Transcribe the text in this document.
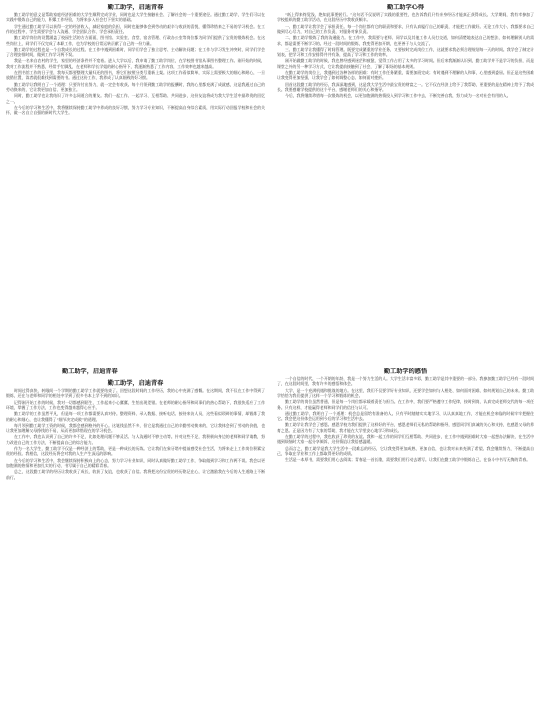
勤工助学，启迪青春

勤工助学的意义是帮助家庭经济困难的大学生顺利完成学业，同时也是大学生接触社会、了解社会的一个重要途径。通过勤工助学，学生们可以在实践中锻炼自己的能力，积累工作经验，为将来步入社会打下坚实的基础。

学生通过勤工助学可以获得一定的经济收入，减轻家庭的负担，同时也能够体会到劳动的艰辛与收获的喜悦，懂得珍惜来之不易的学习机会。在工作的过程中，学生需要学会与人沟通、学会团队合作、学会承担责任。

勤工助学岗位的设置涵盖了校园生活的方方面面，图书馆、实验室、食堂、宿舍管理、行政办公室等岗位都为同学们提供了宝贵的锻炼机会。在这些岗位上，同学们不仅完成了本职工作，也为学校的日常运转贡献了自己的一份力量。

勤工助学的过程也是一个自我成长的过程。在工作中遇到困难时，同学们学会了独立思考、主动解决问题；在工作与学习发生冲突时，同学们学会了合理安排时间，做到工作学习两不误。

我是一名来自农村的学生，家里的经济条件并不宽裕。进入大学以后，我申请了勤工助学岗位，在学校图书馆从事图书整理工作。刚开始的时候，我对工作流程并不熟悉，经常手忙脚乱，在老师和学长学姐的耐心指导下，我逐渐熟悉了工作内容，工作效率也越来越高。

在图书馆工作的日子里，我每天都要整理大量归还的图书，将它们按照分类号重新上架。这项工作看似简单，实际上需要极大的细心和耐心，一旦放错位置，读者就很难找到需要的书。通过这份工作，我养成了认真细致的好习惯。

勤工助学让我明白了一个道理：只要肯付出努力，就一定会有收获。每个月领到勤工助学的报酬时，我的心里都充满了成就感，这是我通过自己的劳动换来的，它让我更加自信、更加独立。

同时，勤工助学也让我结识了许多志同道合的朋友。我们一起工作、一起学习、互相帮助、共同进步，这份友谊将成为我大学生活中最珍贵的回忆之一。

在今后的学习和生活中，我将继续保持勤工助学中养成的良好习惯，努力学习专业知识，不断提高自身综合素质，用实际行动回报学校和社会的关怀，做一名自立自强的新时代大学生。

勤工助学心得

“纸上得来终觉浅，绝知此事要躬行。”这句话不仅说明了实践的重要性，也告诉我们只有亲身经历才能真正获得成长。大学期间，我有幸参加了学校组织的勤工助学活动，在这段经历中我收获颇丰。

一、勤工助学让我学会了承担责任。每一个岗位都有它的职责和要求，只有认真履行自己的职责，才能把工作做好。无论工作大小，我都要求自己做到尽心尽力，对自己的工作负责，对服务对象负责。

二、勤工助学锻炼了我的沟通能力。在工作中，我需要与老师、同学以及其他工作人员打交道，如何清楚地表达自己的想法、如何理解别人的需求，都是需要不断学习的。经过一段时间的锻炼，我变得更加开朗，也更善于与人交流了。

三、勤工助学让我懂得了时间管理。既要完成繁重的学业任务，又要按时完成岗位工作，这就要求我必须合理规划每一天的时间。我学会了制定计划表，把学习和工作安排得井井有条，提高了学习和工作的效率。

刚开始做勤工助学的时候，我也曾经感到迷茫和疲惫，觉得工作占用了太多的学习时间。但后来我渐渐认识到，勤工助学并不是学习的负担，而是课堂之外的另一种学习方式，它让我提前接触到了社会，了解了职场的基本规则。

在勤工助学的岗位上，我遇到过各种各样的困难：有时工作任务繁重，需要加班完成；有时遇到不理解的人和事，心里感到委屈。但正是这些困难让我变得更加坚强，让我学会了如何调整心态、如何面对挫折。

回首这段勤工助学的经历，我深深地感到，这是我大学生活中最宝贵的财富之一。它不仅在经济上给予了我帮助，更重要的是在精神上给予了我成长。我要感谢学校提供的这个平台，感谢老师们的关心和指导。

今后，我将继续珍惜每一次锻炼的机会，以更加饱满的热情投入到学习和工作中去，不断完善自我，努力成为一名对社会有用的人。

勤工助学，启迪青春
勤工助学，启迪青春

时间过得真快，转眼间一个学期的勤工助学工作就要结束了。回想这段时间的工作经历，我的心中充满了感慨。在这期间，我不仅在工作中得到了锻炼，还在与老师和同学的相处中学到了很多书本上学不到的知识。

记得刚开始工作的时候，我对一切都感到陌生，工作起来小心翼翼，生怕出现差错。在老师的耐心指导和同事们的热心帮助下，我很快适应了工作环境，掌握了工作方法，工作也变得越来越得心应手。

勤工助学的工作虽然平凡，但是每一项工作都需要认真对待。整理资料、录入数据、接听电话、接待来访人员，这些看似琐碎的事情，却锻炼了我的耐心和细心，也让我懂得了“细节决定成败”的道理。

每月领到勤工助学工资的时候，我都会感到格外的开心。这笔钱虽然不多，但它是我通过自己的辛勤劳动换来的，它让我体会到了劳动的价值，也让我更加理解父母挣钱的不易，从而更加珍惜现在的学习机会。

在工作中，我也认识到了自己的许多不足，比如处理问题不够灵活、与人沟通时不够主动等。针对这些不足，我积极向身边的老师和同学请教，努力改进自己的工作方法，不断提高自己的综合能力。

作为一名大学生，勤工助学不仅是一种经济上的帮助，更是一种成长的历练。它让我们在象牙塔中提前感受社会生活，为将来走上工作岗位积累宝贵的经验。我相信，这段经历将会对我的人生产生深远的影响。

在今后的学习和生活中，我会继续保持积极向上的心态，努力学习专业知识，同时认真做好勤工助学工作，争取做到学习和工作两不误。我会以更加饱满的热情和更加扎实的行动，书写属于自己的精彩青春。

总之，这段勤工助学的经历让我收获了成长，收获了友谊，也收获了自信。我将把这份宝贵的经历铭记在心，让它激励我在今后的人生道路上不断前行。

勤工助学的感悟

一个自信的时代，一个开朗的年龄，我是一个努力生活的人。大学生活丰富多彩，勤工助学是其中重要的一部分。我参加勤工助学已经有一段时间了，在这段时间里，我有许多的感悟和体会。

大学，是一个充满机遇和挑战的地方。在这里，我们不仅要学好专业知识，还要学会如何与人相处、如何面对困难、如何规划自己的未来。勤工助学恰恰为我们提供了这样一个学习和锻炼的机会。

勤工助学的岗位虽然普通，但是每一个岗位都承载着责任与担当。在工作中，我们要严格遵守工作纪律，按时到岗，认真完成老师交代的每一项任务。只有这样，才能赢得老师和同学们的信任与认可。

通过勤工助学，我明白了一个道理：机会总是留给有准备的人。只有平时踏踏实实地学习、认认真真地工作，才能在机会来临的时候牢牢把握住它。我会把这份体会运用到今后的学习和生活中去。

勤工助学让我学会了感恩。感恩学校为我们提供了这样好的平台，感恩老师们无私的帮助和指导，感恩同学们真诚的关心和支持，也感恩父母的养育之恩。正是因为有了大家的帮助，我才能在大学里安心地学习和成长。

在勤工助学的过程中，我也收获了珍贵的友谊。我和一起工作的同学们互相帮助、共同进步，在工作中遇到困难时大家一起想办法解决，在生活中遇到烦恼时大家一起分享倾诉，这份情谊让我倍感温暖。

总而言之，勤工助学是我大学生活中一段难忘的经历，它让我变得更加成熟、更加自信，也让我对未来充满了希望。我会继续努力，不断提高自己，争取在学业和工作上都取得更好的成绩。

生活是一本厚书，需要我们用心去阅读；青春是一首长歌，需要我们用行动去谱写。让我们在勤工助学中锻炼自己，在奋斗中书写无悔的青春。
